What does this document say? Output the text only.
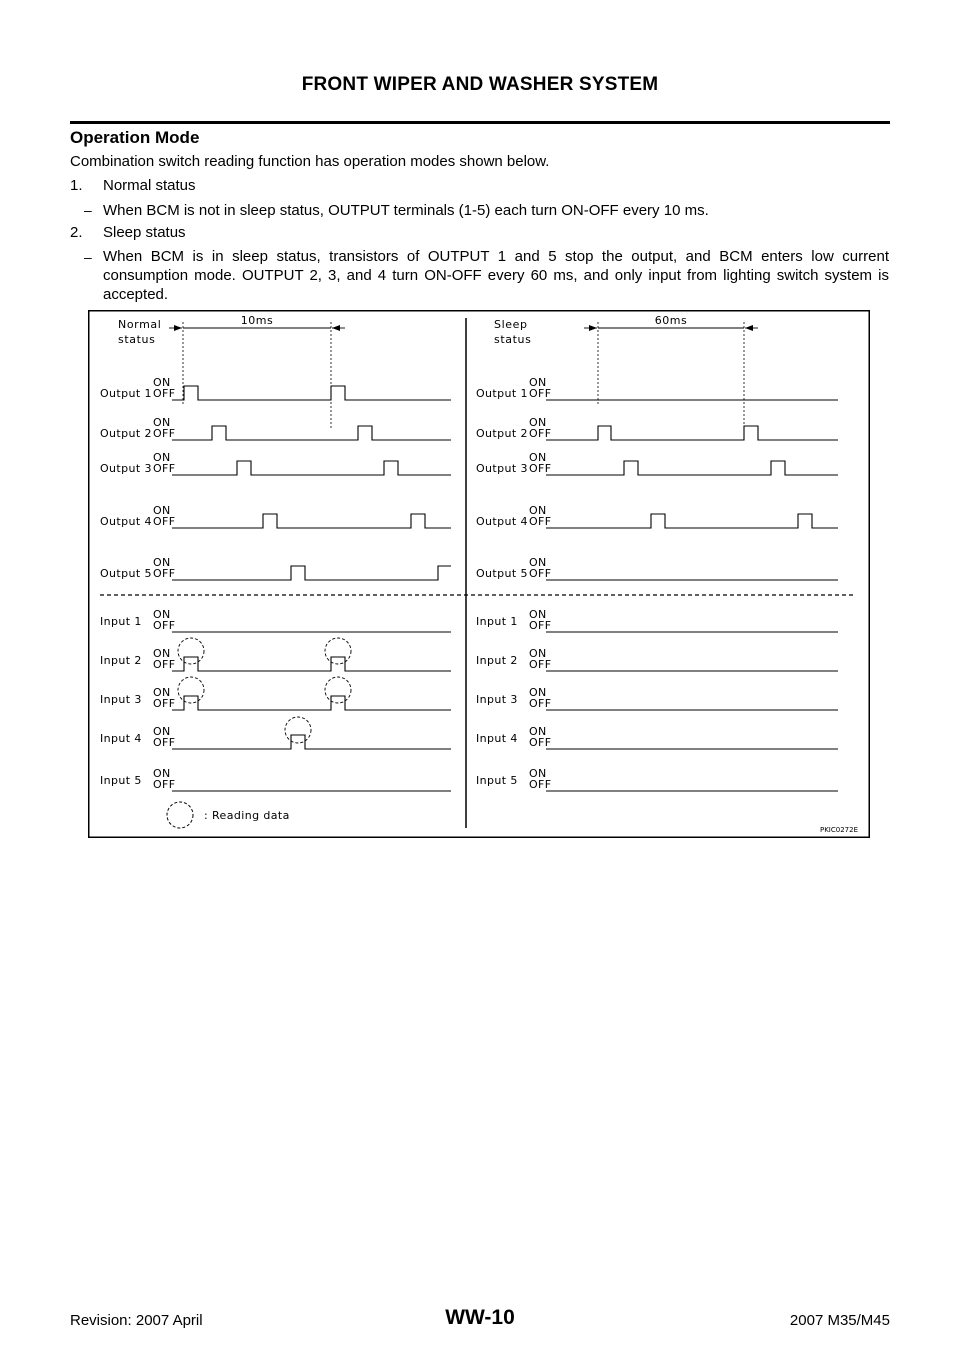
FRONT WIPER AND WASHER SYSTEM
Operation Mode
Combination switch reading function has operation modes shown below.
1. Normal status
– When BCM is not in sleep status, OUTPUT terminals (1-5) each turn ON-OFF every 10 ms.
2. Sleep status
– When BCM is in sleep status, transistors of OUTPUT 1 and 5 stop the output, and BCM enters low current consumption mode. OUTPUT 2, 3, and 4 turn ON-OFF every 60 ms, and only input from lighting switch system is accepted.
Normal
status
10ms
Output 1
ON
OFF
Output 2
ON
OFF
Output 3
ON
OFF
Output 4
ON
OFF
Output 5
ON
OFF
Input 1
ON
OFF
Input 2
ON
OFF
Input 3
ON
OFF
Input 4
ON
OFF
Input 5
ON
OFF
Sleep
status
60ms
Output 1
ON
OFF
Output 2
ON
OFF
Output 3
ON
OFF
Output 4
ON
OFF
Output 5
ON
OFF
Input 1
ON
OFF
Input 2
ON
OFF
Input 3
ON
OFF
Input 4
ON
OFF
Input 5
ON
OFF
: Reading data
PKIC0272E
Revision: 2007 April	WW-10	2007 M35/M45
